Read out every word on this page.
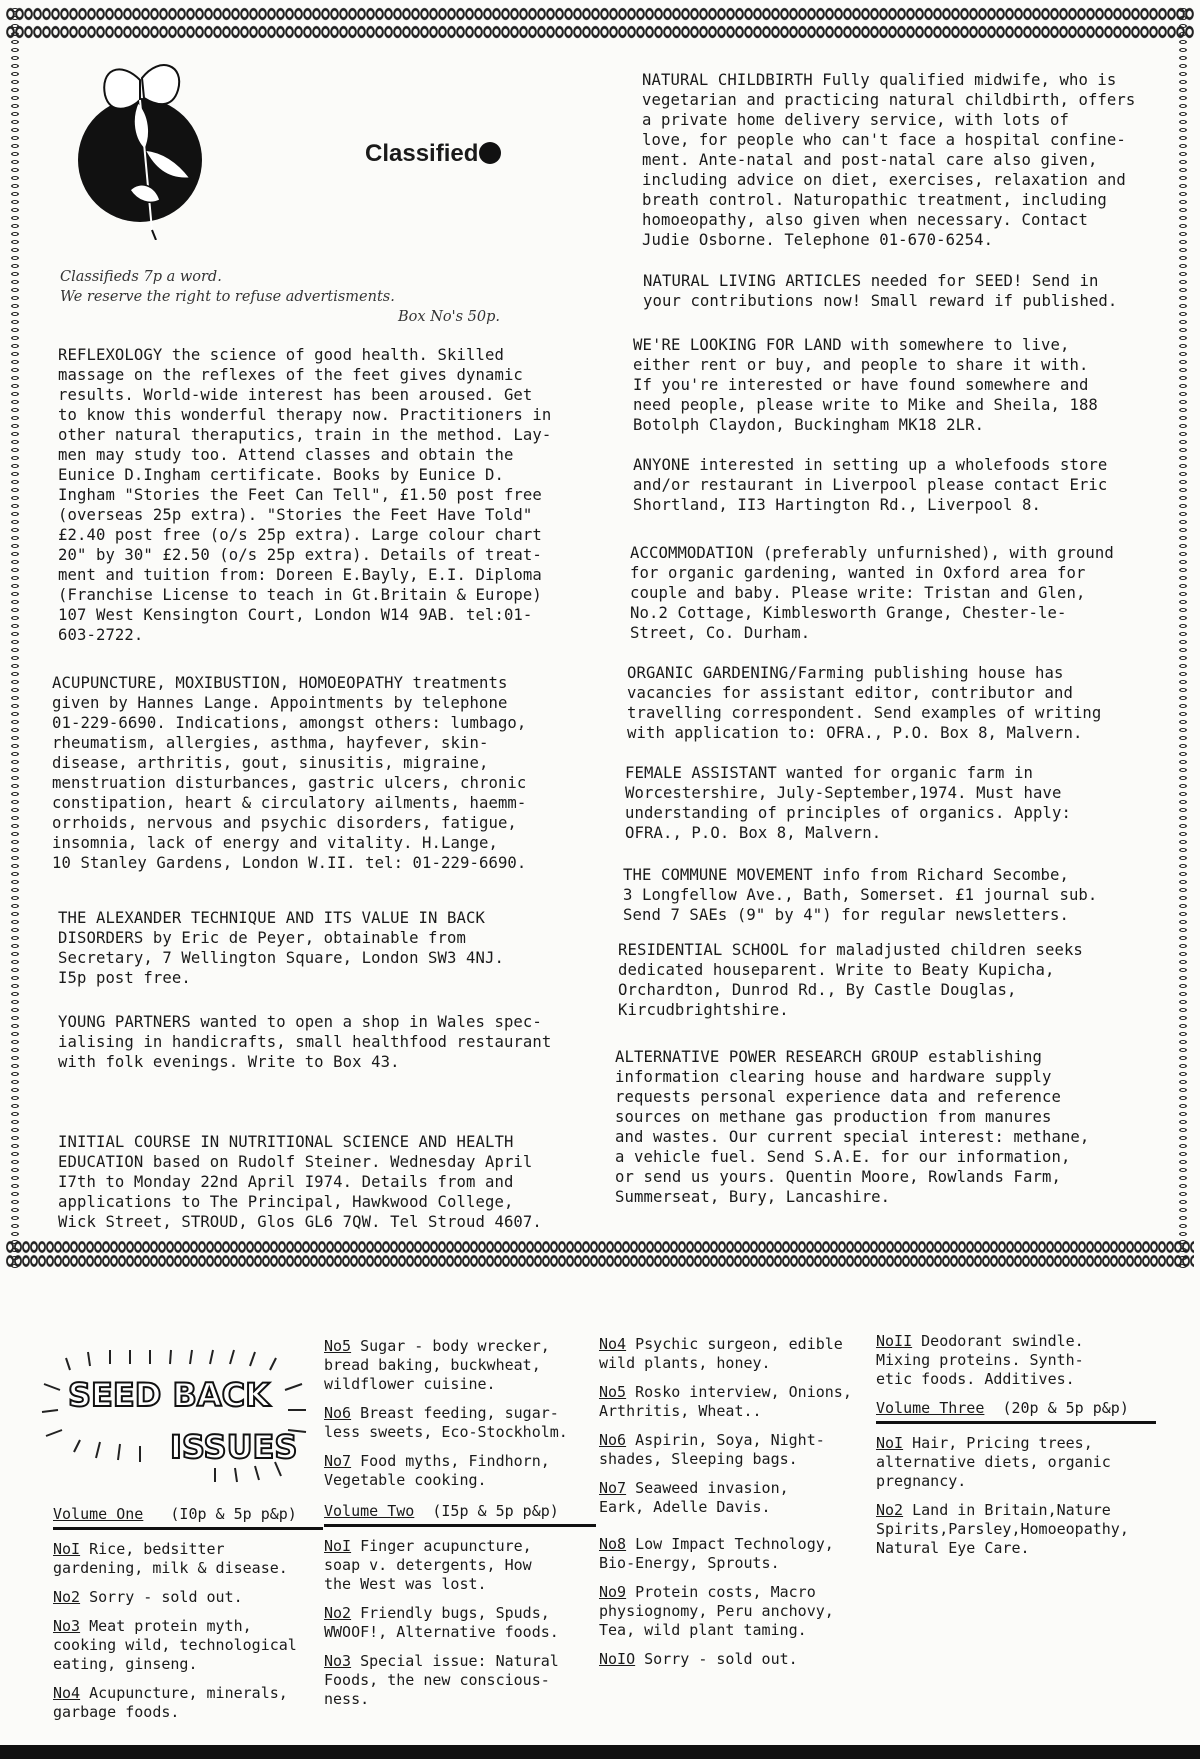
Classified
Classifieds 7p a word.
We reserve the right to refuse advertisments.
Box No's 50p.
REFLEXOLOGY the science of good health. Skilled
massage on the reflexes of the feet gives dynamic
results. World-wide interest has been aroused. Get
to know this wonderful therapy now. Practitioners in
other natural theraputics, train in the method. Lay-
men may study too. Attend classes and obtain the
Eunice D.Ingham certificate. Books by Eunice D.
Ingham "Stories the Feet Can Tell", £1.50 post free
(overseas 25p extra). "Stories the Feet Have Told"
£2.40 post free (o/s 25p extra). Large colour chart
20" by 30" £2.50 (o/s 25p extra). Details of treat-
ment and tuition from: Doreen E.Bayly, E.I. Diploma
(Franchise License to teach in Gt.Britain & Europe)
107 West Kensington Court, London W14 9AB. tel:01-
603-2722.
ACUPUNCTURE, MOXIBUSTION, HOMOEOPATHY treatments
given by Hannes Lange. Appointments by telephone
01-229-6690. Indications, amongst others: lumbago,
rheumatism, allergies, asthma, hayfever, skin-
disease, arthritis, gout, sinusitis, migraine,
menstruation disturbances, gastric ulcers, chronic
constipation, heart & circulatory ailments, haemm-
orrhoids, nervous and psychic disorders, fatigue,
insomnia, lack of energy and vitality. H.Lange,
10 Stanley Gardens, London W.II. tel: 01-229-6690.
THE ALEXANDER TECHNIQUE AND ITS VALUE IN BACK
DISORDERS by Eric de Peyer, obtainable from
Secretary, 7 Wellington Square, London SW3 4NJ.
I5p post free.
YOUNG PARTNERS wanted to open a shop in Wales spec-
ialising in handicrafts, small healthfood restaurant
with folk evenings. Write to Box 43.
INITIAL COURSE IN NUTRITIONAL SCIENCE AND HEALTH
EDUCATION based on Rudolf Steiner. Wednesday April
I7th to Monday 22nd April I974. Details from and
applications to The Principal, Hawkwood College,
Wick Street, STROUD, Glos GL6 7QW. Tel Stroud 4607.
NATURAL CHILDBIRTH Fully qualified midwife, who is
vegetarian and practicing natural childbirth, offers
a private home delivery service, with lots of
love, for people who can't face a hospital confine-
ment. Ante-natal and post-natal care also given,
including advice on diet, exercises, relaxation and
breath control. Naturopathic treatment, including
homoeopathy, also given when necessary. Contact
Judie Osborne. Telephone 01-670-6254.
NATURAL LIVING ARTICLES needed for SEED! Send in
your contributions now! Small reward if published.
WE'RE LOOKING FOR LAND with somewhere to live,
either rent or buy, and people to share it with.
If you're interested or have found somewhere and
need people, please write to Mike and Sheila, 188
Botolph Claydon, Buckingham MK18 2LR.
ANYONE interested in setting up a wholefoods store
and/or restaurant in Liverpool please contact Eric
Shortland, II3 Hartington Rd., Liverpool 8.
ACCOMMODATION (preferably unfurnished), with ground
for organic gardening, wanted in Oxford area for
couple and baby. Please write: Tristan and Glen,
No.2 Cottage, Kimblesworth Grange, Chester-le-
Street, Co. Durham.
ORGANIC GARDENING/Farming publishing house has
vacancies for assistant editor, contributor and
travelling correspondent. Send examples of writing
with application to: OFRA., P.O. Box 8, Malvern.
FEMALE ASSISTANT wanted for organic farm in
Worcestershire, July-September,1974. Must have
understanding of principles of organics. Apply:
OFRA., P.O. Box 8, Malvern.
THE COMMUNE MOVEMENT info from Richard Secombe,
3 Longfellow Ave., Bath, Somerset. £1 journal sub.
Send 7 SAEs (9" by 4") for regular newsletters.
RESIDENTIAL SCHOOL for maladjusted children seeks
dedicated houseparent. Write to Beaty Kupicha,
Orchardton, Dunrod Rd., By Castle Douglas,
Kircudbrightshire.
ALTERNATIVE POWER RESEARCH GROUP establishing
information clearing house and hardware supply
requests personal experience data and reference
sources on methane gas production from manures
and wastes. Our current special interest: methane,
a vehicle fuel. Send S.A.E. for our information,
or send us yours. Quentin Moore, Rowlands Farm,
Summerseat, Bury, Lancashire.
SEED BACK
ISSUES
Volume One (I0p & 5p p&p)
NoI Rice, bedsitter
gardening, milk & disease.
No2 Sorry - sold out.
No3 Meat protein myth,
cooking wild, technological
eating, ginseng.
No4 Acupuncture, minerals,
garbage foods.
No5 Sugar - body wrecker,
bread baking, buckwheat,
wildflower cuisine.
No6 Breast feeding, sugar-
less sweets, Eco-Stockholm.
No7 Food myths, Findhorn,
Vegetable cooking.
Volume Two (I5p & 5p p&p)
NoI Finger acupuncture,
soap v. detergents, How
the West was lost.
No2 Friendly bugs, Spuds,
WWOOF!, Alternative foods.
No3 Special issue: Natural
Foods, the new conscious-
ness.
No4 Psychic surgeon, edible
wild plants, honey.
No5 Rosko interview, Onions,
Arthritis, Wheat..
No6 Aspirin, Soya, Night-
shades, Sleeping bags.
No7 Seaweed invasion,
Eark, Adelle Davis.
No8 Low Impact Technology,
Bio-Energy, Sprouts.
No9 Protein costs, Macro
physiognomy, Peru anchovy,
Tea, wild plant taming.
NoIO Sorry - sold out.
NoII Deodorant swindle.
Mixing proteins. Synth-
etic foods. Additives.
Volume Three (20p & 5p p&p)
NoI Hair, Pricing trees,
alternative diets, organic
pregnancy.
No2 Land in Britain,Nature
Spirits,Parsley,Homoeopathy,
Natural Eye Care.
